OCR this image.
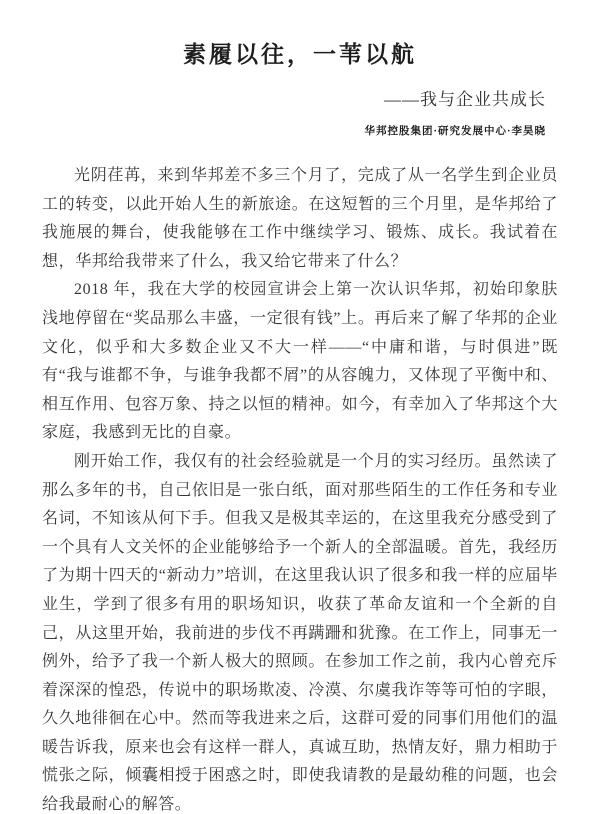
素履以往，一苇以航
——我与企业共成长
华邦控股集团·研究发展中心·李昊晓

光阴荏苒，来到华邦差不多三个月了，完成了从一名学生到企业员工的转变，以此开始人生的新旅途。在这短暂的三个月里，是华邦给了我施展的舞台，使我能够在工作中继续学习、锻炼、成长。我试着在想，华邦给我带来了什么，我又给它带来了什么？

2018 年，我在大学的校园宣讲会上第一次认识华邦，初始印象肤浅地停留在“奖品那么丰盛，一定很有钱”上。再后来了解了华邦的企业文化，似乎和大多数企业又不大一样——“中庸和谐，与时俱进”既有“我与谁都不争，与谁争我都不屑”的从容魄力，又体现了平衡中和、相互作用、包容万象、持之以恒的精神。如今，有幸加入了华邦这个大家庭，我感到无比的自豪。

刚开始工作，我仅有的社会经验就是一个月的实习经历。虽然读了那么多年的书，自己依旧是一张白纸，面对那些陌生的工作任务和专业名词，不知该从何下手。但我又是极其幸运的，在这里我充分感受到了一个具有人文关怀的企业能够给予一个新人的全部温暖。首先，我经历了为期十四天的“新动力”培训，在这里我认识了很多和我一样的应届毕业生，学到了很多有用的职场知识，收获了革命友谊和一个全新的自己，从这里开始，我前进的步伐不再蹒跚和犹豫。在工作上，同事无一例外，给予了我一个新人极大的照顾。在参加工作之前，我内心曾充斥着深深的惶恐，传说中的职场欺凌、冷漠、尔虞我诈等等可怕的字眼，久久地徘徊在心中。然而等我进来之后，这群可爱的同事们用他们的温暖告诉我，原来也会有这样一群人，真诚互助，热情友好，鼎力相助于慌张之际，倾囊相授于困惑之时，即使我请教的是最幼稚的问题，也会给我最耐心的解答。
